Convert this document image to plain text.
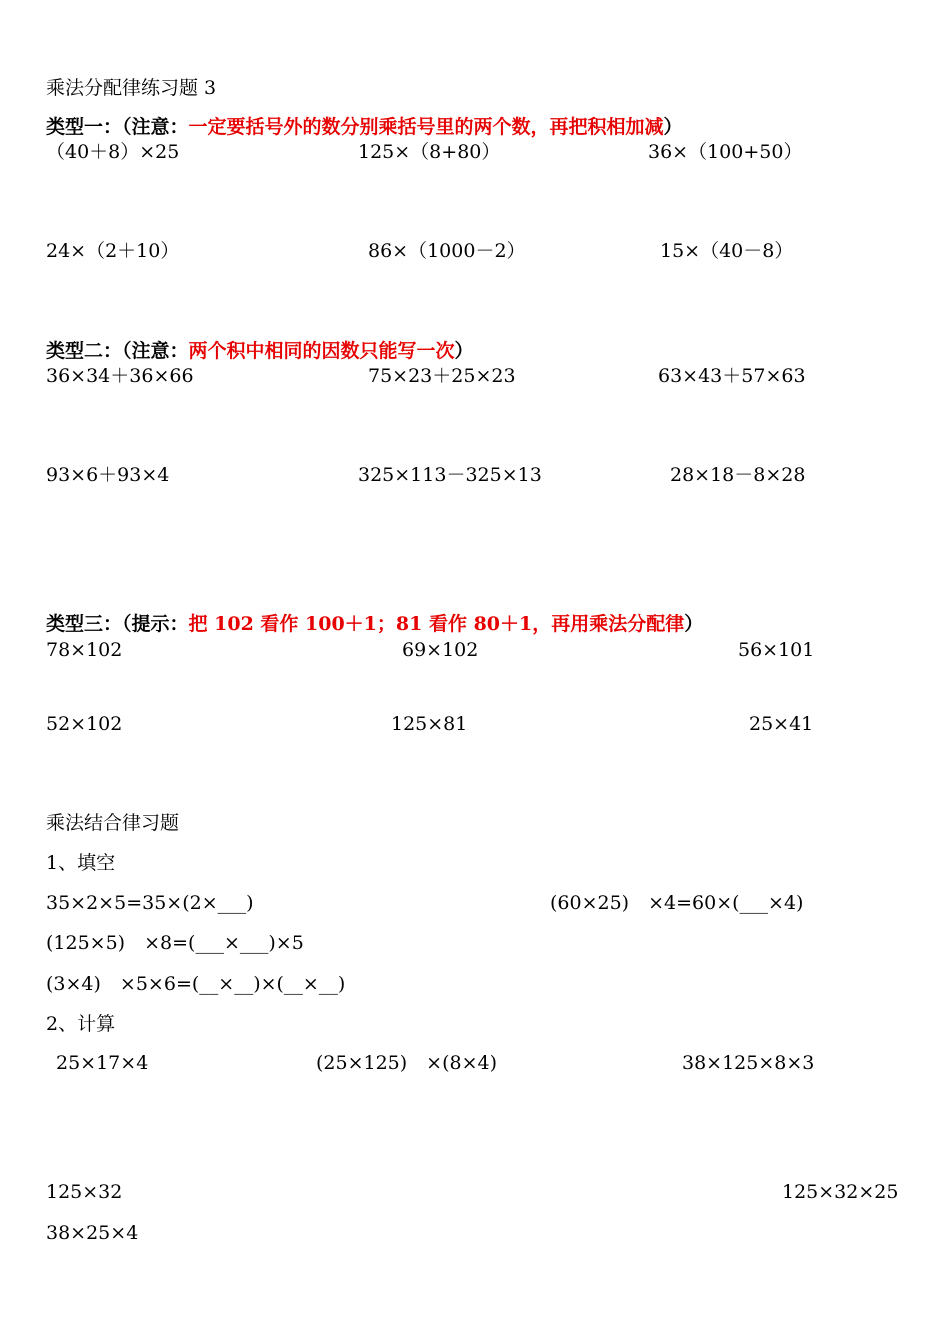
乘法分配律练习题 3
类型一：（注意：一定要括号外的数分别乘括号里的两个数，再把积相加减）
（40＋8）×25	125×（8+80）	36×（100+50）
24×（2＋10）	86×（1000－2）	15×（40－8）
类型二：（注意：两个积中相同的因数只能写一次）
36×34＋36×66	75×23＋25×23	63×43＋57×63
93×6＋93×4	325×113－325×13	28×18－8×28
类型三：（提示：把 102 看作 100＋1；81 看作 80＋1，再用乘法分配律）
78×102	69×102	56×101
52×102	125×81	25×41
乘法结合律习题
1、填空
35×2×5=35×(2×___)	(60×25)　×4=60×(___×4)
(125×5)　×8=(___×___)×5
(3×4)　×5×6=(__×__)×(__×__)
2、计算
25×17×4	(25×125)　×(8×4)	38×125×8×3
125×32	125×32×25
38×25×4
